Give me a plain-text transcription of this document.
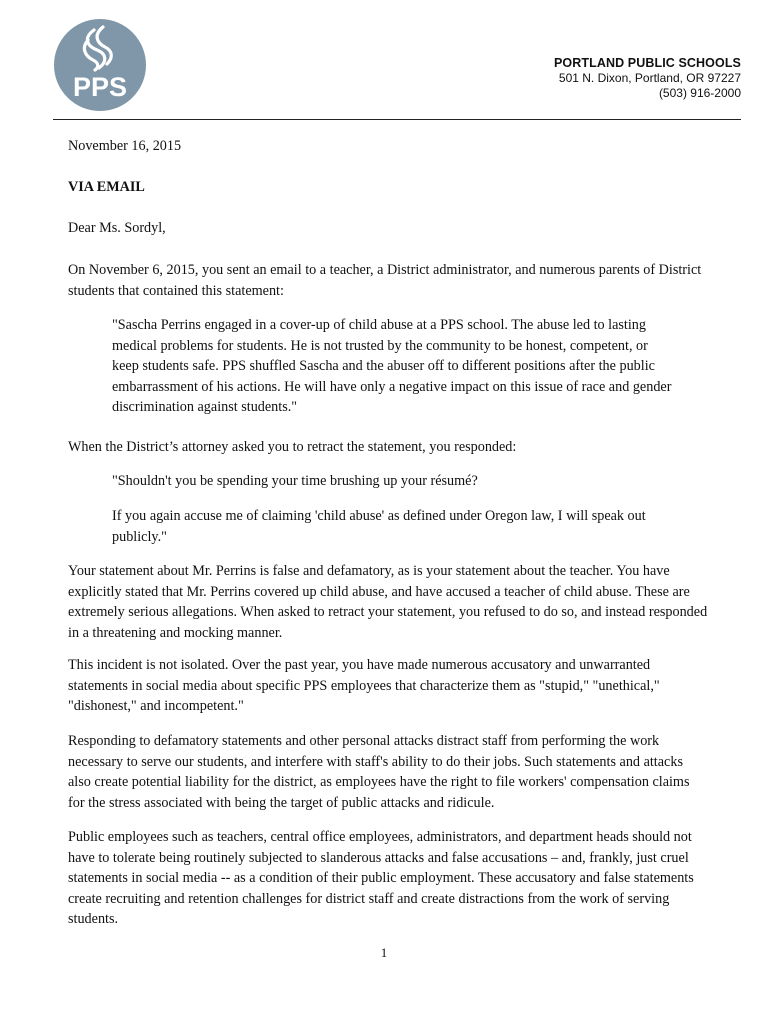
PPS
PORTLAND PUBLIC SCHOOLS
501 N. Dixon, Portland, OR 97227
(503) 916-2000
November 16, 2015
VIA EMAIL
Dear Ms. Sordyl,

On November 6, 2015, you sent an email to a teacher, a District administrator, and numerous parents of District students that contained this statement:

"Sascha Perrins engaged in a cover-up of child abuse at a PPS school. The abuse led to lasting medical problems for students. He is not trusted by the community to be honest, competent, or keep students safe. PPS shuffled Sascha and the abuser off to different positions after the public embarrassment of his actions. He will have only a negative impact on this issue of race and gender discrimination against students."

When the District’s attorney asked you to retract the statement, you responded:
"Shouldn't you be spending your time brushing up your résumé?

If you again accuse me of claiming 'child abuse' as defined under Oregon law, I will speak out publicly."

Your statement about Mr. Perrins is false and defamatory, as is your statement about the teacher. You have explicitly stated that Mr. Perrins covered up child abuse, and have accused a teacher of child abuse. These are extremely serious allegations. When asked to retract your statement, you refused to do so, and instead responded in a threatening and mocking manner.

This incident is not isolated. Over the past year, you have made numerous accusatory and unwarranted statements in social media about specific PPS employees that characterize them as "stupid," "unethical," "dishonest," and incompetent."

Responding to defamatory statements and other personal attacks distract staff from performing the work necessary to serve our students, and interfere with staff's ability to do their jobs. Such statements and attacks also create potential liability for the district, as employees have the right to file workers' compensation claims for the stress associated with being the target of public attacks and ridicule.

Public employees such as teachers, central office employees, administrators, and department heads should not have to tolerate being routinely subjected to slanderous attacks and false accusations – and, frankly, just cruel statements in social media -- as a condition of their public employment. These accusatory and false statements create recruiting and retention challenges for district staff and create distractions from the work of serving students.

1
